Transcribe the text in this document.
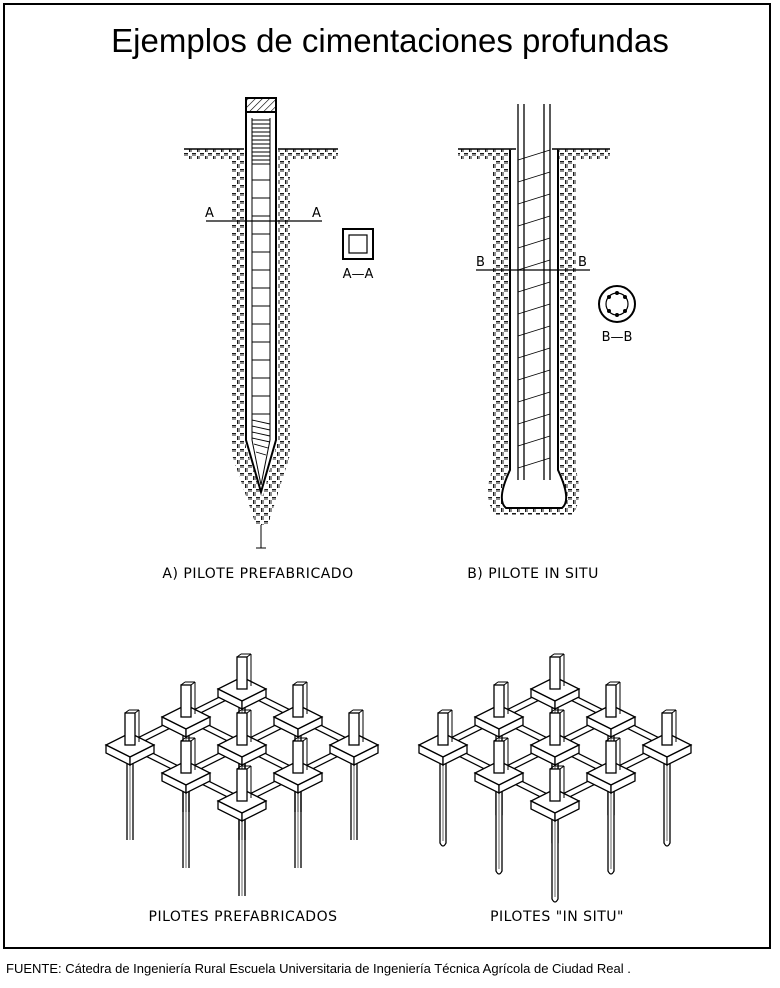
Ejemplos de cimentaciones profundas
A	A
A—A
A) PILOTE PREFABRICADO
B	B
B—B
B) PILOTE IN SITU
PILOTES PREFABRICADOS	PILOTES "IN SITU"
FUENTE: Cátedra de Ingeniería Rural Escuela Universitaria de Ingeniería Técnica Agrícola de Ciudad Real .
